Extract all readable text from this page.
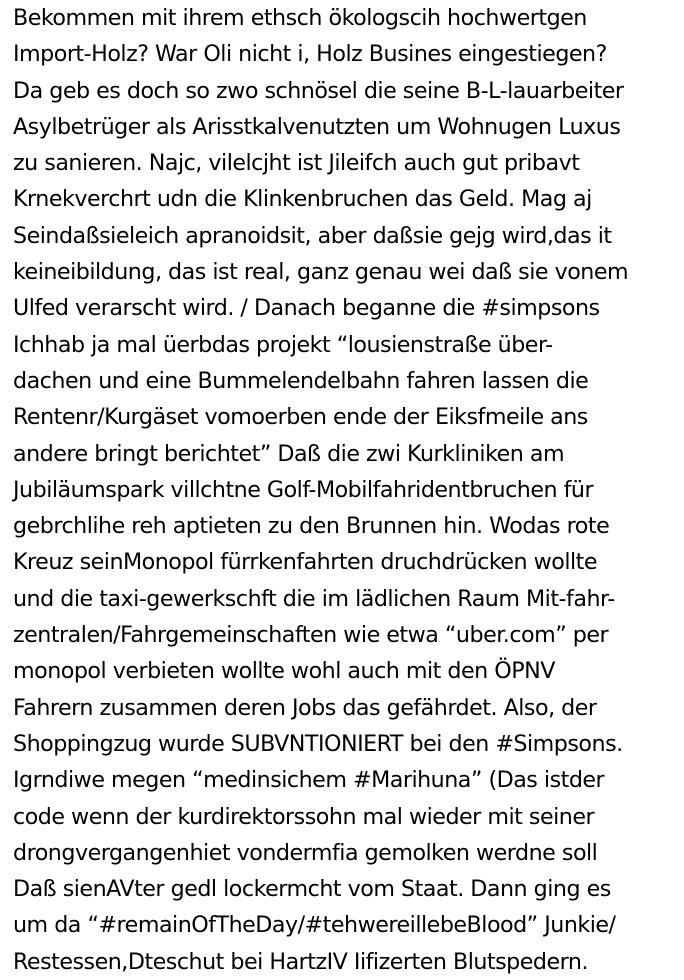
Bekommen mit ihrem ethsch ökologscih hochwertgen
Import-Holz? War Oli nicht i, Holz Busines eingestiegen?
Da geb es doch so zwo schnösel die seine B-L-lauarbeiter
Asylbetrüger als Arisstkalvenutzten um Wohnugen Luxus
zu sanieren. Najc, vilelcjht ist Jileifch auch gut pribavt
Krnekverchrt udn die Klinkenbruchen das Geld. Mag aj
Seindaßsieleich apranoidsit, aber daßsie gejg wird,das it
keineibildung, das ist real, ganz genau wei daß sie vonem
Ulfed verarscht wird. / Danach beganne die #simpsons
Ichhab ja mal üerbdas projekt “lousienstraße über-
dachen und eine Bummelendelbahn fahren lassen die
Rentenr/Kurgäset vomoerben ende der Eiksfmeile ans
andere bringt berichtet” Daß die zwi Kurkliniken am
Jubiläumspark villchtne Golf-Mobilfahridentbruchen für
gebrchlihe reh aptieten zu den Brunnen hin. Wodas rote
Kreuz seinMonopol fürrkenfahrten druchdrücken wollte
und die taxi-gewerkschft die im lädlichen Raum Mit-fahr-
zentralen/Fahrgemeinschaften wie etwa “uber.com” per
monopol verbieten wollte wohl auch mit den ÖPNV
Fahrern zusammen deren Jobs das gefährdet. Also, der
Shoppingzug wurde SUBVNTIONIERT bei den #Simpsons.
Igrndiwe megen “medinsichem #Marihuna” (Das istder
code wenn der kurdirektorssohn mal wieder mit seiner
drongvergangenhiet vondermfia gemolken werdne soll
Daß sienAVter gedl lockermcht vom Staat. Dann ging es
um da “#remainOfTheDay/#tehwereillebeBlood” Junkie/
Restessen,Dteschut bei HartzIV Iifizerten Blutspedern.
